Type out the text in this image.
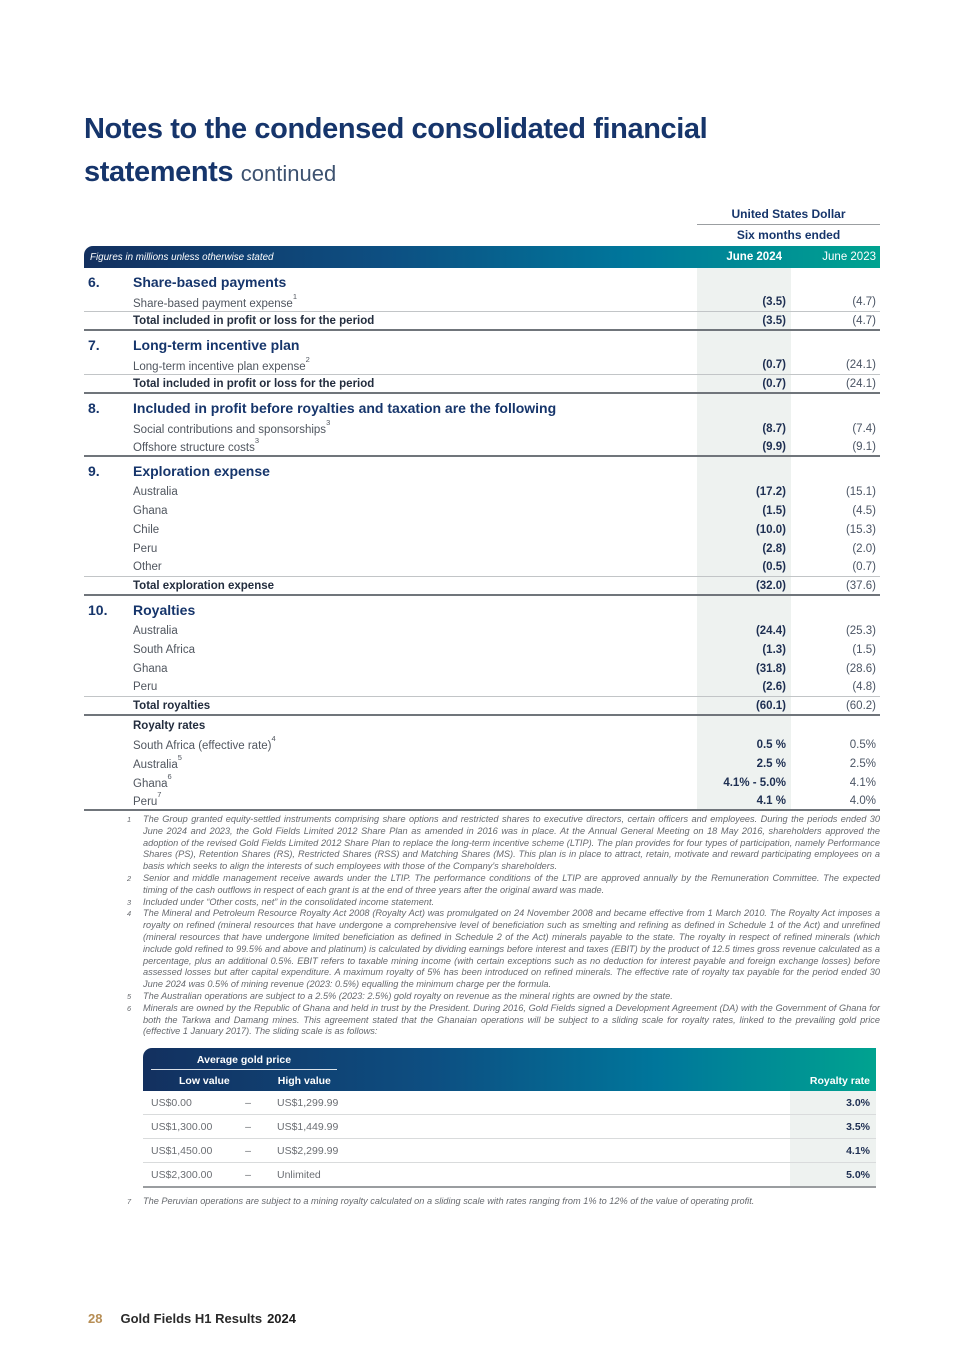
Notes to the condensed consolidated financial
statements continued
United States Dollar
Six months ended
Figures in millions unless otherwise stated	June 2024	June 2023
6.	Share-based payments
Share-based payment expense$^1$	(3.5)	(4.7)
Total included in profit or loss for the period	(3.5)	(4.7)
7.	Long-term incentive plan
Long-term incentive plan expense$^2$	(0.7)	(24.1)
Total included in profit or loss for the period	(0.7)	(24.1)
8.	Included in profit before royalties and taxation are the following
Social contributions and sponsorships$^3$	(8.7)	(7.4)
Offshore structure costs$^3$	(9.9)	(9.1)
9.	Exploration expense
Australia	(17.2)	(15.1)
Ghana	(1.5)	(4.5)
Chile	(10.0)	(15.3)
Peru	(2.8)	(2.0)
Other	(0.5)	(0.7)
Total exploration expense	(32.0)	(37.6)
10.	Royalties
Australia	(24.4)	(25.3)
South Africa	(1.3)	(1.5)
Ghana	(31.8)	(28.6)
Peru	(2.6)	(4.8)
Total royalties	(60.1)	(60.2)
Royalty rates
South Africa (effective rate)$^4$	0.5 %	0.5%
Australia$^5$	2.5 %	2.5%
Ghana$^6$	4.1% - 5.0%	4.1%
Peru$^7$	4.1 %	4.0%
1	The Group granted equity-settled instruments comprising share options and restricted shares to executive directors, certain officers and employees. During the periods ended 30 June 2024 and 2023, the Gold Fields Limited 2012 Share Plan as amended in 2016 was in place. At the Annual General Meeting on 18 May 2016, shareholders approved the adoption of the revised Gold Fields Limited 2012 Share Plan to replace the long-term incentive scheme (LTIP). The plan provides for four types of participation, namely Performance Shares (PS), Retention Shares (RS), Restricted Shares (RSS) and Matching Shares (MS). This plan is in place to attract, retain, motivate and reward participating employees on a basis which seeks to align the interests of such employees with those of the Company’s shareholders.
2	Senior and middle management receive awards under the LTIP. The performance conditions of the LTIP are approved annually by the Remuneration Committee. The expected timing of the cash outflows in respect of each grant is at the end of three years after the original award was made.
3	Included under “Other costs, net” in the consolidated income statement.
4	The Mineral and Petroleum Resource Royalty Act 2008 (Royalty Act) was promulgated on 24 November 2008 and became effective from 1 March 2010. The Royalty Act imposes a royalty on refined (mineral resources that have undergone a comprehensive level of beneficiation such as smelting and refining as defined in Schedule 1 of the Act) and unrefined (mineral resources that have undergone limited beneficiation as defined in Schedule 2 of the Act) minerals payable to the state. The royalty in respect of refined minerals (which include gold refined to 99.5% and above and platinum) is calculated by dividing earnings before interest and taxes (EBIT) by the product of 12.5 times gross revenue calculated as a percentage, plus an additional 0.5%. EBIT refers to taxable mining income (with certain exceptions such as no deduction for interest payable and foreign exchange losses) before assessed losses but after capital expenditure. A maximum royalty of 5% has been introduced on refined minerals. The effective rate of royalty tax payable for the period ended 30 June 2024 was 0.5% of mining revenue (2023: 0.5%) equalling the minimum charge per the formula.
5	The Australian operations are subject to a 2.5% (2023: 2.5%) gold royalty on revenue as the mineral rights are owned by the state.
6	Minerals are owned by the Republic of Ghana and held in trust by the President. During 2016, Gold Fields signed a Development Agreement (DA) with the Government of Ghana for both the Tarkwa and Damang mines. This agreement stated that the Ghanaian operations will be subject to a sliding scale for royalty rates, linked to the prevailing gold price (effective 1 January 2017). The sliding scale is as follows:
Average gold price
Low value	High value	Royalty rate
US$0.00	–	US$1,299.99	3.0%
US$1,300.00	–	US$1,449.99	3.5%
US$1,450.00	–	US$2,299.99	4.1%
US$2,300.00	–	Unlimited	5.0%
7	The Peruvian operations are subject to a mining royalty calculated on a sliding scale with rates ranging from 1% to 12% of the value of operating profit.
28 Gold Fields H1 Results 2024
